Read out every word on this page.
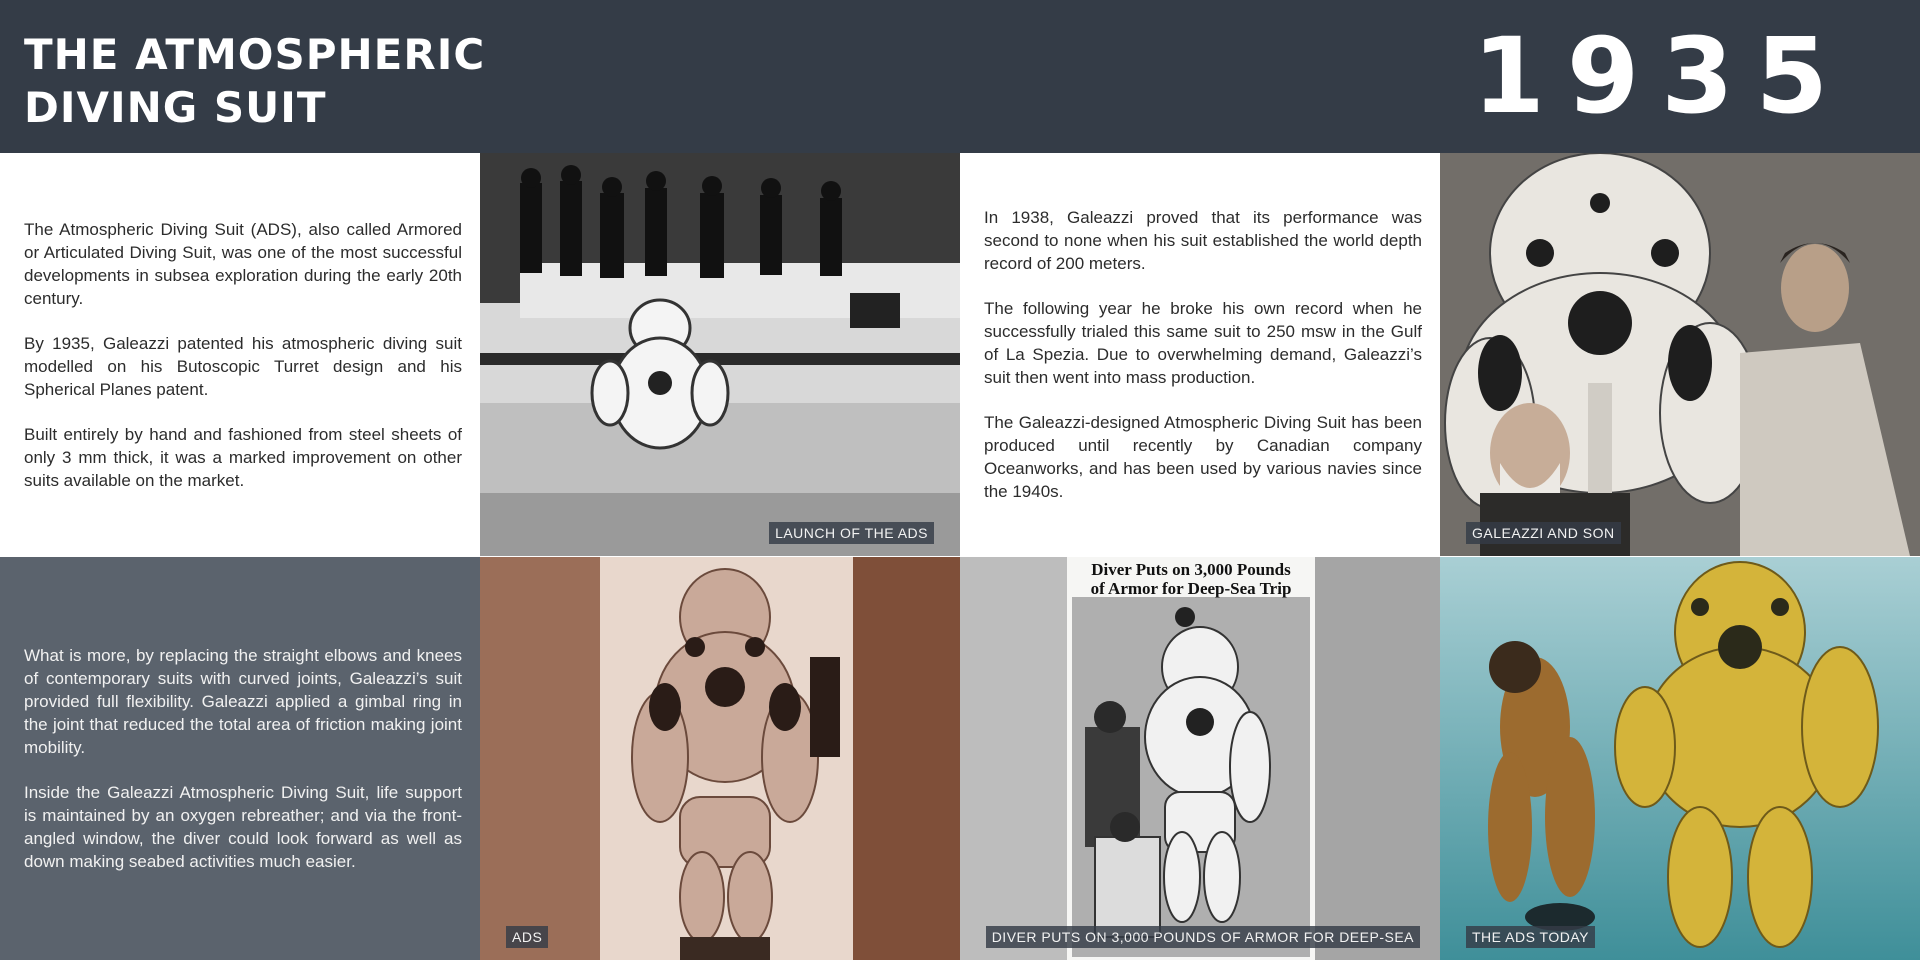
THE ATMOSPHERIC
DIVING SUIT	1935

The Atmospheric Diving Suit (ADS), also called Armored or Articulated Diving Suit, was one of the most successful developments in subsea exploration during the early 20th century.

By 1935, Galeazzi patented his atmospheric diving suit modelled on his Butoscopic Turret design and his Spherical Planes patent.

Built entirely by hand and fashioned from steel sheets of only 3 mm thick, it was a marked improvement on other suits available on the market.

LAUNCH OF THE ADS

In 1938, Galeazzi proved that its performance was second to none when his suit established the world depth record of 200 meters.

The following year he broke his own record when he successfully trialed this same suit to 250 msw in the Gulf of La Spezia. Due to overwhelming demand, Galeazzi’s suit then went into mass production.

The Galeazzi-designed Atmospheric Diving Suit has been produced until recently by Canadian company Oceanworks, and has been used by various navies since the 1940s.

GALEAZZI AND SON

What is more, by replacing the straight elbows and knees of contemporary suits with curved joints, Galeazzi’s suit provided full flexibility. Galeazzi applied a gimbal ring in the joint that reduced the total area of friction making joint mobility.

Inside the Galeazzi Atmospheric Diving Suit, life support is maintained by an oxygen rebreather; and via the front-angled window, the diver could look forward as well as down making seabed activities much easier.

ADS
Diver Puts on 3,000 Pounds
of Armor for Deep-Sea Trip
DIVER PUTS ON 3,000 POUNDS OF ARMOR FOR DEEP-SEA	THE ADS TODAY
